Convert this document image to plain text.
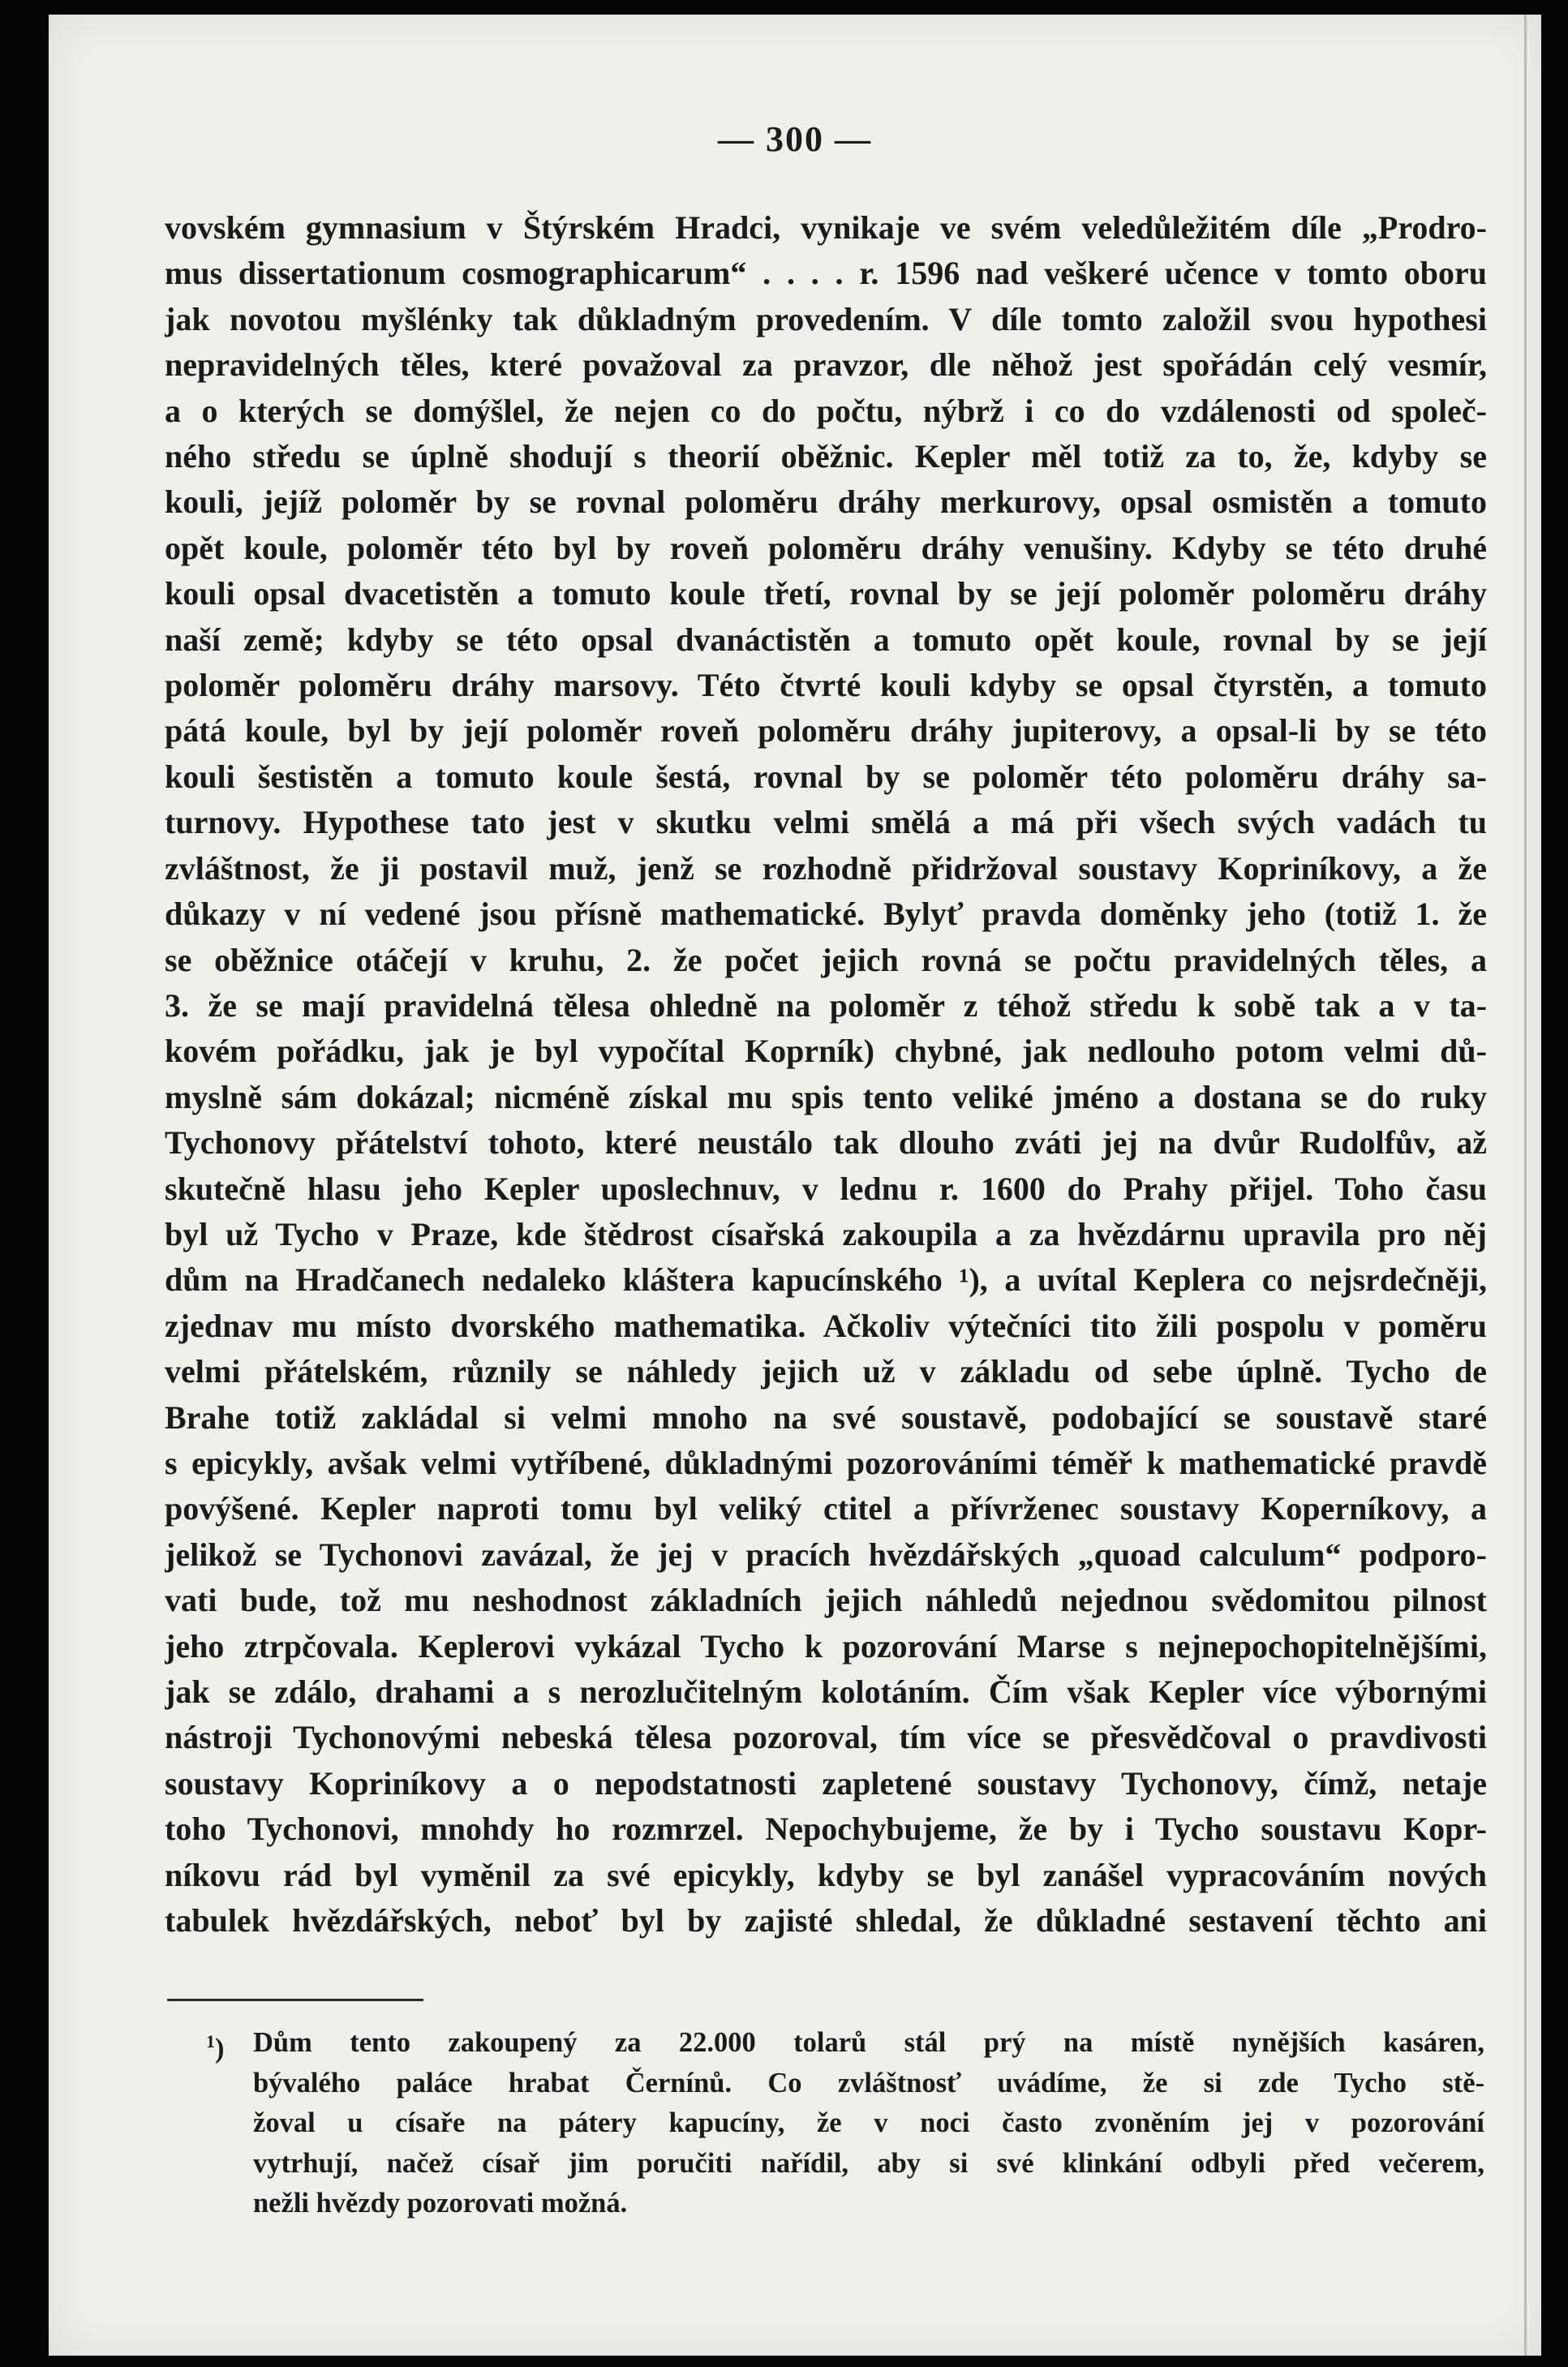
— 300 —
vovském gymnasium v Štýrském Hradci, vynikaje ve svém veledůležitém díle „Prodro-
mus dissertationum cosmographicarum“ . . . . r. 1596 nad veškeré učence v tomto oboru
jak novotou myšlénky tak důkladným provedením. V díle tomto založil svou hypothesi
nepravidelných těles, které považoval za pravzor, dle něhož jest spořádán celý vesmír,
a o kterých se domýšlel, že nejen co do počtu, nýbrž i co do vzdálenosti od společ-
ného středu se úplně shodují s theorií oběžnic. Kepler měl totiž za to, že, kdyby se
kouli, jejíž poloměr by se rovnal poloměru dráhy merkurovy, opsal osmistěn a tomuto
opět koule, poloměr této byl by roveň poloměru dráhy venušiny. Kdyby se této druhé
kouli opsal dvacetistěn a tomuto koule třetí, rovnal by se její poloměr poloměru dráhy
naší země; kdyby se této opsal dvanáctistěn a tomuto opět koule, rovnal by se její
poloměr poloměru dráhy marsovy. Této čtvrté kouli kdyby se opsal čtyrstěn, a tomuto
pátá koule, byl by její poloměr roveň poloměru dráhy jupiterovy, a opsal-li by se této
kouli šestistěn a tomuto koule šestá, rovnal by se poloměr této poloměru dráhy sa-
turnovy. Hypothese tato jest v skutku velmi smělá a má při všech svých vadách tu
zvláštnost, že ji postavil muž, jenž se rozhodně přidržoval soustavy Kopriníkovy, a že
důkazy v ní vedené jsou přísně mathematické. Bylyť pravda doměnky jeho (totiž 1. že
se oběžnice otáčejí v kruhu, 2. že počet jejich rovná se počtu pravidelných těles, a
3. že se mají pravidelná tělesa ohledně na poloměr z téhož středu k sobě tak a v ta-
kovém pořádku, jak je byl vypočítal Koprník) chybné, jak nedlouho potom velmi dů-
myslně sám dokázal; nicméně získal mu spis tento veliké jméno a dostana se do ruky
Tychonovy přátelství tohoto, které neustálo tak dlouho zváti jej na dvůr Rudolfův, až
skutečně hlasu jeho Kepler uposlechnuv, v lednu r. 1600 do Prahy přijel. Toho času
byl už Tycho v Praze, kde štědrost císařská zakoupila a za hvězdárnu upravila pro něj
dům na Hradčanech nedaleko kláštera kapucínského ¹), a uvítal Keplera co nejsrdečněji,
zjednav mu místo dvorského mathematika. Ačkoliv výtečníci tito žili pospolu v poměru
velmi přátelském, různily se náhledy jejich už v základu od sebe úplně. Tycho de
Brahe totiž zakládal si velmi mnoho na své soustavě, podobající se soustavě staré
s epicykly, avšak velmi vytříbené, důkladnými pozorováními téměř k mathematické pravdě
povýšené. Kepler naproti tomu byl veliký ctitel a přívrženec soustavy Koperníkovy, a
jelikož se Tychonovi zavázal, že jej v pracích hvězdářských „quoad calculum“ podporo-
vati bude, tož mu neshodnost základních jejich náhledů nejednou svědomitou pilnost
jeho ztrpčovala. Keplerovi vykázal Tycho k pozorování Marse s nejnepochopitelnějšími,
jak se zdálo, drahami a s nerozlučitelným kolotáním. Čím však Kepler více výbornými
nástroji Tychonovými nebeská tělesa pozoroval, tím více se přesvědčoval o pravdivosti
soustavy Kopriníkovy a o nepodstatnosti zapletené soustavy Tychonovy, čímž, netaje
toho Tychonovi, mnohdy ho rozmrzel. Nepochybujeme, že by i Tycho soustavu Kopr-
níkovu rád byl vyměnil za své epicykly, kdyby se byl zanášel vypracováním nových
tabulek hvězdářských, neboť byl by zajisté shledal, že důkladné sestavení těchto ani
$^1$) Dům tento zakoupený za 22.000 tolarů stál prý na místě nynějších kasáren,
bývalého paláce hrabat Černínů. Co zvláštnosť uvádíme, že si zde Tycho stě-
žoval u císaře na pátery kapucíny, že v noci často zvoněním jej v pozorování
vytrhují, načež císař jim poručiti nařídil, aby si své klinkání odbyli před večerem,
nežli hvězdy pozorovati možná.
